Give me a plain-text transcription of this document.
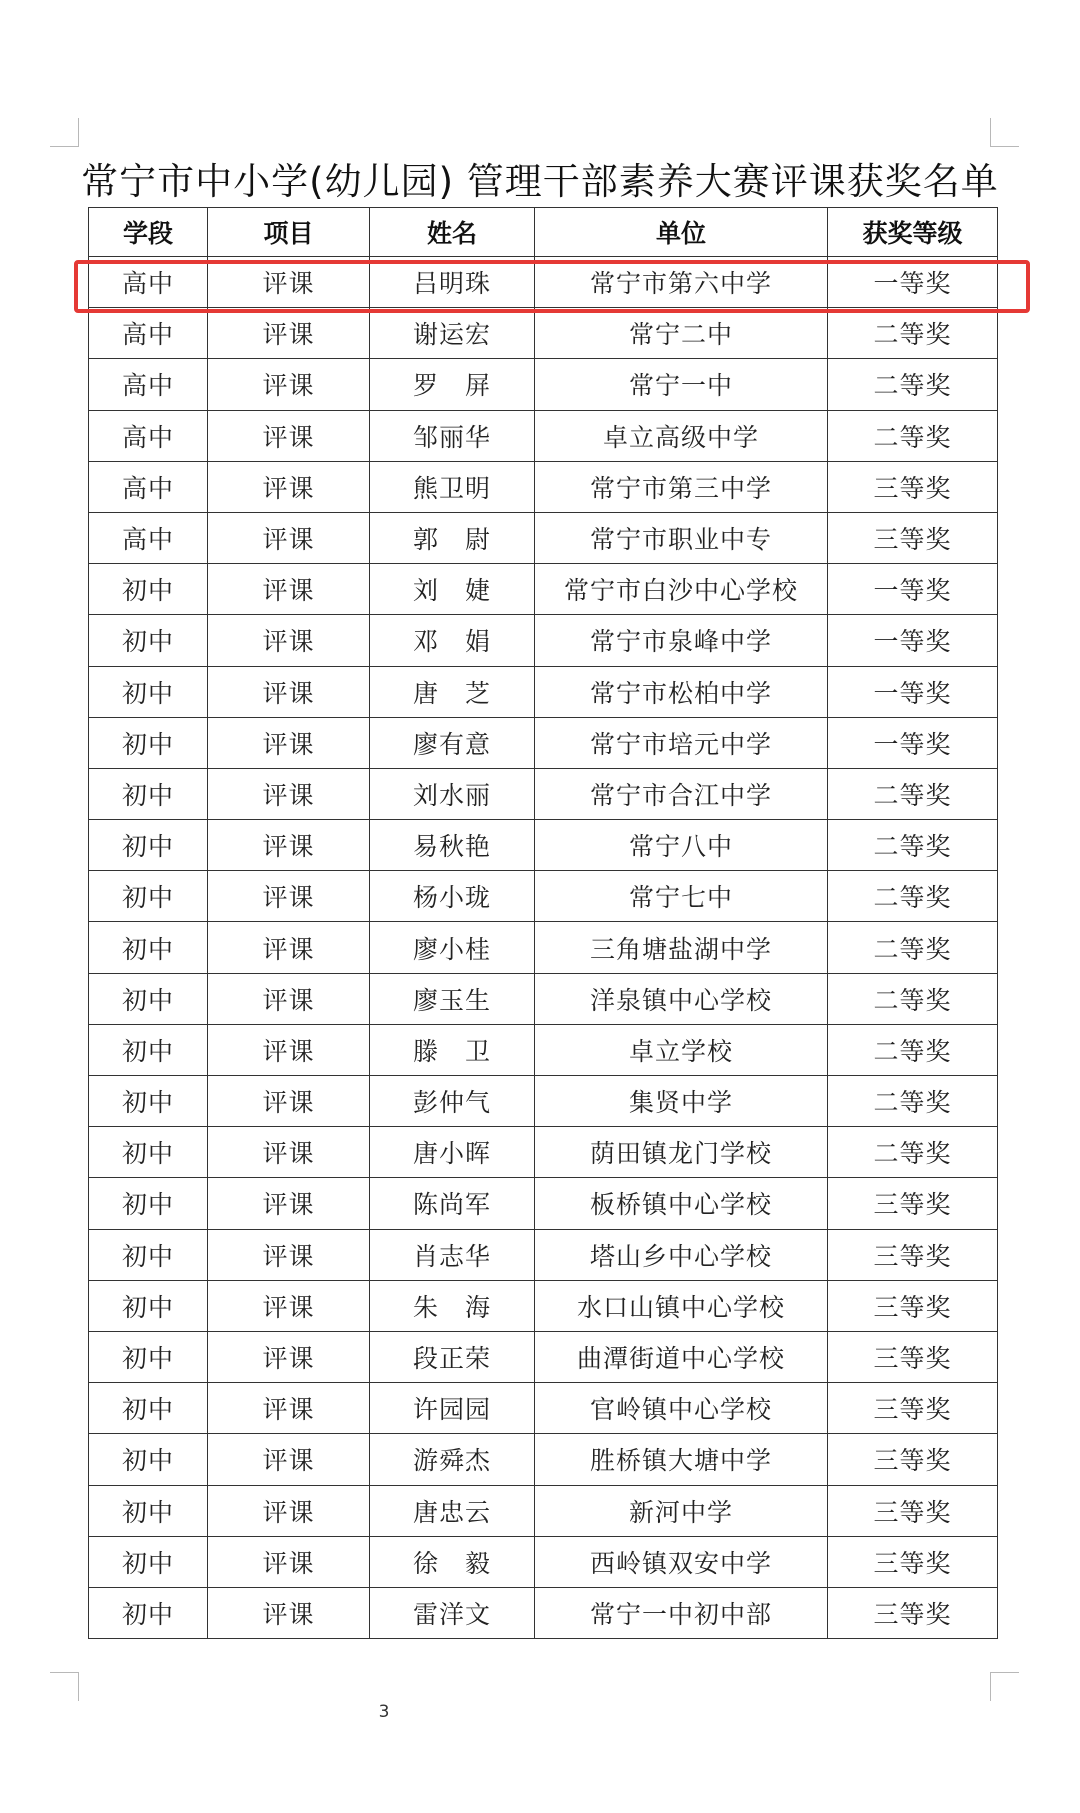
常宁市中小学(幼儿园) 管理干部素养大赛评课获奖名单
学段	项目	姓名	单位	获奖等级
高中	评课	吕明珠	常宁市第六中学	一等奖
高中	评课	谢运宏	常宁二中	二等奖
高中	评课	罗　屏	常宁一中	二等奖
高中	评课	邹丽华	卓立高级中学	二等奖
高中	评课	熊卫明	常宁市第三中学	三等奖
高中	评课	郭　尉	常宁市职业中专	三等奖
初中	评课	刘　婕	常宁市白沙中心学校	一等奖
初中	评课	邓　娟	常宁市泉峰中学	一等奖
初中	评课	唐　芝	常宁市松柏中学	一等奖
初中	评课	廖有意	常宁市培元中学	一等奖
初中	评课	刘水丽	常宁市合江中学	二等奖
初中	评课	易秋艳	常宁八中	二等奖
初中	评课	杨小珑	常宁七中	二等奖
初中	评课	廖小桂	三角塘盐湖中学	二等奖
初中	评课	廖玉生	洋泉镇中心学校	二等奖
初中	评课	滕　卫	卓立学校	二等奖
初中	评课	彭仲气	集贤中学	二等奖
初中	评课	唐小晖	荫田镇龙门学校	二等奖
初中	评课	陈尚军	板桥镇中心学校	三等奖
初中	评课	肖志华	塔山乡中心学校	三等奖
初中	评课	朱　海	水口山镇中心学校	三等奖
初中	评课	段正荣	曲潭街道中心学校	三等奖
初中	评课	许园园	官岭镇中心学校	三等奖
初中	评课	游舜杰	胜桥镇大塘中学	三等奖
初中	评课	唐忠云	新河中学	三等奖
初中	评课	徐　毅	西岭镇双安中学	三等奖
初中	评课	雷洋文	常宁一中初中部	三等奖
3
